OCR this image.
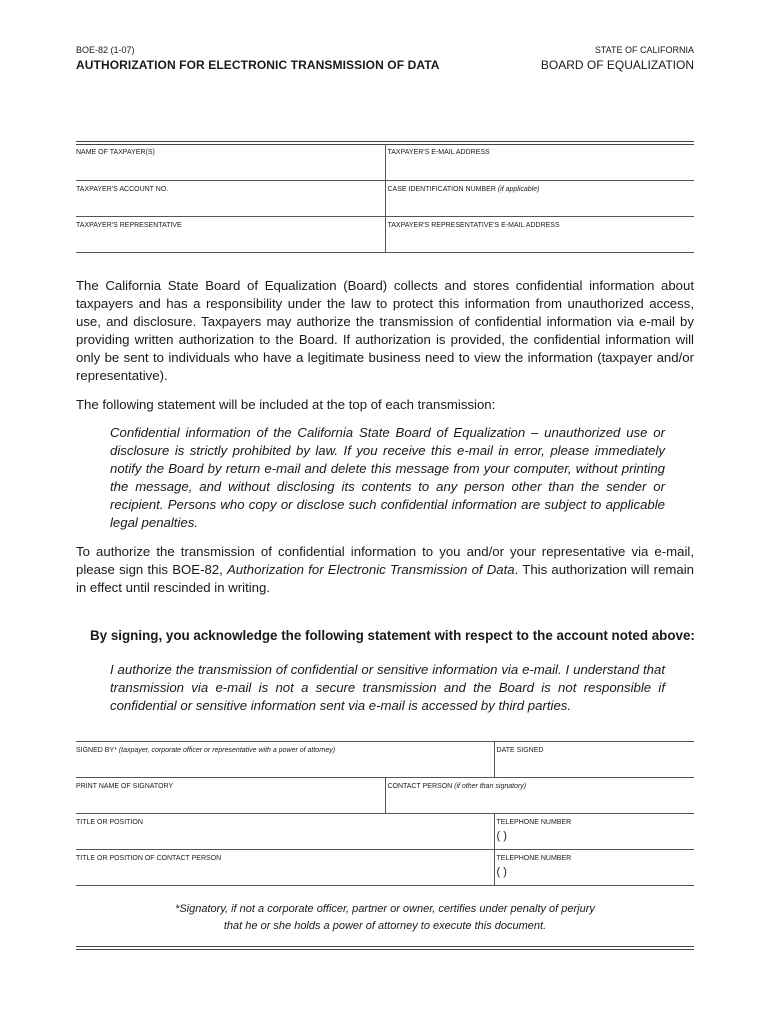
BOE-82 (1-07)
AUTHORIZATION FOR ELECTRONIC TRANSMISSION OF DATA
STATE OF CALIFORNIA
BOARD OF EQUALIZATION
NAME OF TAXPAYER(S)	TAXPAYER'S E-MAIL ADDRESS
TAXPAYER'S ACCOUNT NO.	CASE IDENTIFICATION NUMBER (if applicable)
TAXPAYER'S REPRESENTATIVE	TAXPAYER'S REPRESENTATIVE'S E-MAIL ADDRESS
The California State Board of Equalization (Board) collects and stores confidential information about taxpayers and has a responsibility under the law to protect this information from unauthorized access, use, and disclosure. Taxpayers may authorize the transmission of confidential information via e-mail by providing written authorization to the Board. If authorization is provided, the confidential information will only be sent to individuals who have a legitimate business need to view the information (taxpayer and/or representative).
The following statement will be included at the top of each transmission:
Confidential information of the California State Board of Equalization – unauthorized use or disclosure is strictly prohibited by law. If you receive this e-mail in error, please immediately notify the Board by return e-mail and delete this message from your computer, without printing the message, and without disclosing its contents to any person other than the sender or recipient. Persons who copy or disclose such confidential information are subject to applicable legal penalties.
To authorize the transmission of confidential information to you and/or your representative via e-mail, please sign this BOE-82, Authorization for Electronic Transmission of Data. This authorization will remain in effect until rescinded in writing.
By signing, you acknowledge the following statement with respect to the account noted above:
I authorize the transmission of confidential or sensitive information via e-mail. I understand that transmission via e-mail is not a secure transmission and the Board is not responsible if confidential or sensitive information sent via e-mail is accessed by third parties.
SIGNED BY* (taxpayer, corporate officer or representative with a power of attorney)		DATE SIGNED
PRINT NAME OF SIGNATORY	CONTACT PERSON (if other than signatory)	
TITLE OR POSITION		TELEPHONE NUMBER
( )

TITLE OR POSITION OF CONTACT PERSON		TELEPHONE NUMBER
( )
*Signatory, if not a corporate officer, partner or owner, certifies under penalty of perjury
that he or she holds a power of attorney to execute this document.
